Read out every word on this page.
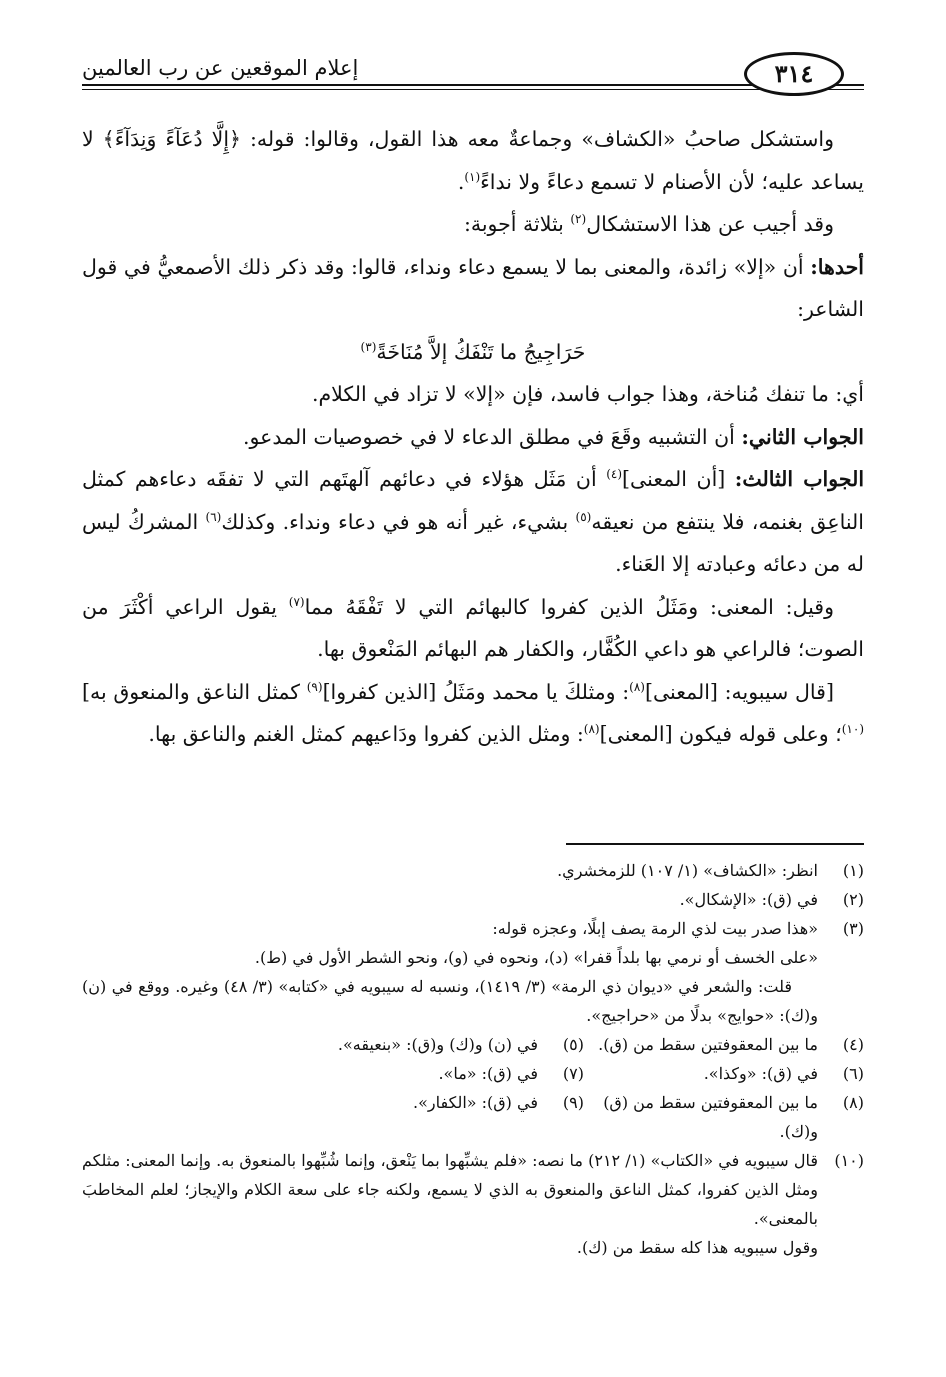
إعلام الموقعين عن رب العالمين	٣١٤

واستشكل صاحبُ «الكشاف» وجماعةٌ معه هذا القول، وقالوا: قوله: ﴿إِلَّا دُعَآءً وَنِدَآءً﴾ لا يساعد عليه؛ لأن الأصنام لا تسمع دعاءً ولا نداءً$^{(١)}$.

وقد أجيب عن هذا الاستشكال$^{(٢)}$ بثلاثة أجوبة:

أحدها: أن «إلا» زائدة، والمعنى بما لا يسمع دعاء ونداء، قالوا: وقد ذكر ذلك الأصمعيُّ في قول الشاعر:

حَرَاجِيجُ ما تَنْفَكُ إلاَّ مُنَاخَةً$^{(٣)}$

أي: ما تنفك مُناخة، وهذا جواب فاسد، فإن «إلا» لا تزاد في الكلام.

الجواب الثاني: أن التشبيه وقَعَ في مطلق الدعاء لا في خصوصيات المدعو.

الجواب الثالث: [أن المعنى]$^{(٤)}$ أن مَثَل هؤلاء في دعائهم آلهتَهم التي لا تفقَه دعاءهم كمثل الناعِق بغنمه، فلا ينتفع من نعيقه$^{(٥)}$ بشيء، غير أنه هو في دعاء ونداء. وكذلك$^{(٦)}$ المشركُ ليس له من دعائه وعبادته إلا العَناء.

وقيل: المعنى: ومَثَلُ الذين كفروا كالبهائم التي لا تَفْقَهُ مما$^{(٧)}$ يقول الراعي أكْثَرَ من الصوت؛ فالراعي هو داعي الكُفَّار، والكفار هم البهائم المَنْعوق بها.

[قال سيبويه: [المعنى]$^{(٨)}$: ومثلكَ يا محمد ومَثَلُ [الذين كفروا]$^{(٩)}$ كمثل الناعق والمنعوق به]$^{(١٠)}$؛ وعلى قوله فيكون [المعنى]$^{(٨)}$: ومثل الذين كفروا ودَاعيهم كمثل الغنم والناعق بها.

(١)
انظر: «الكشاف» (١/ ١٠٧) للزمخشري.
(٢)
في (ق): «الإشكال».
(٣)
«هذا صدر بيت لذي الرمة يصف إبلًا، وعجزه قوله:
«على الخسف أو نرمي بها بلداً قفرا» (د)، ونحوه في (و)، ونحو الشطر الأول في (ط).
قلت: والشعر في «ديوان ذي الرمة» (٣/ ١٤١٩)، ونسبه له سيبويه في «كتابه» (٣/ ٤٨) وغيره. ووقع في (ن) و(ك): «حوايج» بدلًا من «حراجيج».
(٤)
ما بين المعقوفتين سقط من (ق).
(٥)
في (ن) و(ك) و(ق): «بنعيقه».
(٦)
في (ق): «وكذا».
(٧)
في (ق): «ما».
(٨)
ما بين المعقوفتين سقط من (ق) و(ك).
(٩)
في (ق): «الكفار».
(١٠)
قال سيبويه في «الكتاب» (١/ ٢١٢) ما نصه: «فلم يشبِّهوا بما يَنْعق، وإنما شُبِّهوا بالمنعوق به. وإنما المعنى: مثلكم ومثل الذين كفروا، كمثل الناعق والمنعوق به الذي لا يسمع، ولكنه جاء على سعة الكلام والإيجاز؛ لعلم المخاطبَ بالمعنى».
وقول سيبويه هذا كله سقط من (ك).
